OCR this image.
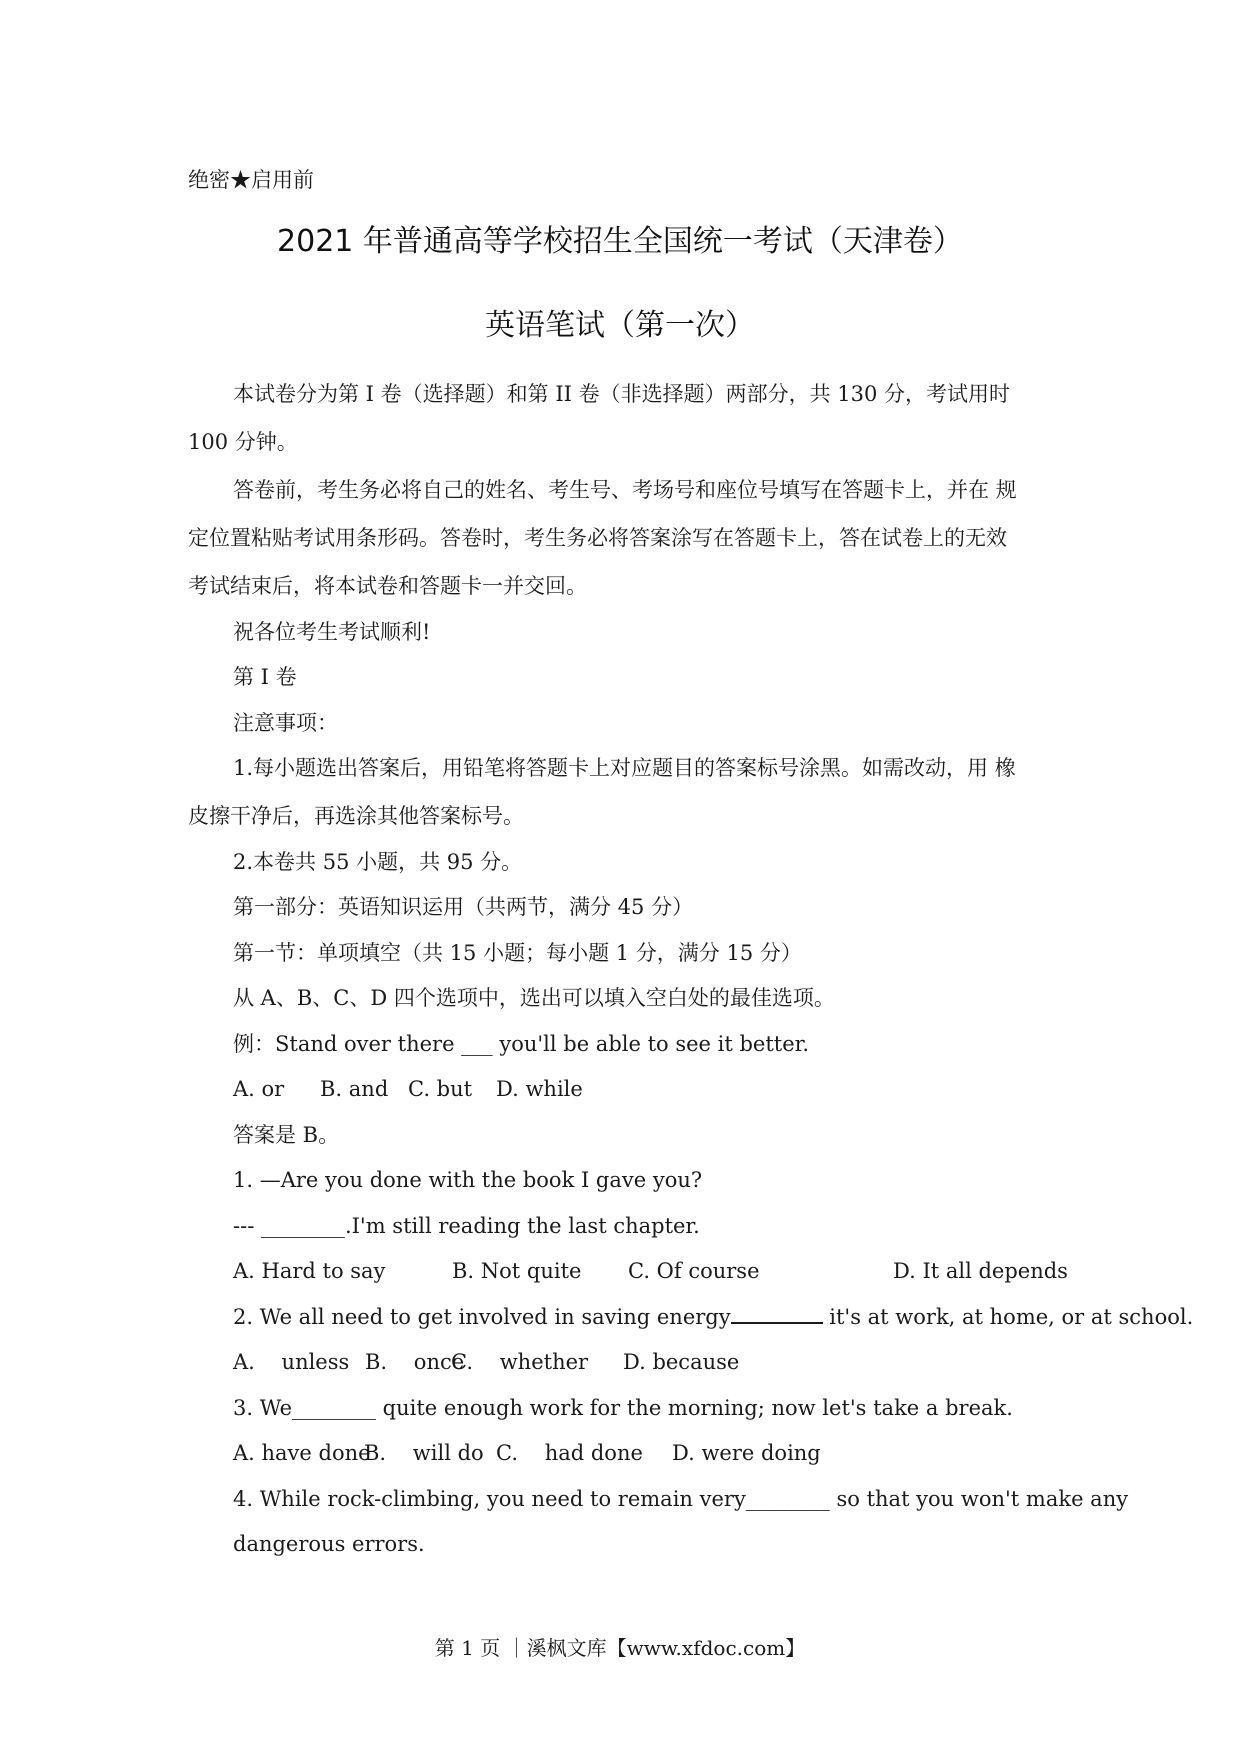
绝密★启用前
2021 年普通高等学校招生全国统一考试（天津卷）
英语笔试（第一次）
本试卷分为第 I 卷（选择题）和第 II 卷（非选择题）两部分，共 130 分，考试用时
100 分钟。
答卷前，考生务必将自己的姓名、考生号、考场号和座位号填写在答题卡上，并在 规
定位置粘贴考试用条形码。答卷时，考生务必将答案涂写在答题卡上，答在试卷上的无效
考试结束后，将本试卷和答题卡一并交回。
祝各位考生考试顺利!
第 I 卷
注意事项：
1.每小题选出答案后，用铅笔将答题卡上对应题目的答案标号涂黑。如需改动，用 橡
皮擦干净后，再选涂其他答案标号。
2.本卷共 55 小题，共 95 分。
第一部分：英语知识运用（共两节，满分 45 分）
第一节：单项填空（共 15 小题；每小题 1 分，满分 15 分）
从 A、B、C、D 四个选项中，选出可以填入空白处的最佳选项。
例：Stand over there ___ you'll be able to see it better.
A. or B. and C. but D. while
答案是 B。
1. —Are you done with the book I gave you?
--- ________.I'm still reading the last chapter.
A. Hard to say	B. Not quite C. Of course	D. It all depends
2. We all need to get involved in saving energy	it's at work, at home, or at school.
A.    unless B.    once
C.    whether D. because
3. We________ quite enough work for the morning; now let's take a break.
A. have done
B.    will do C.    had done D. were doing
4. While rock-climbing, you need to remain very________ so that you won't make any
dangerous errors.
第 1 页 ｜溪枫文库【www.xfdoc.com】
